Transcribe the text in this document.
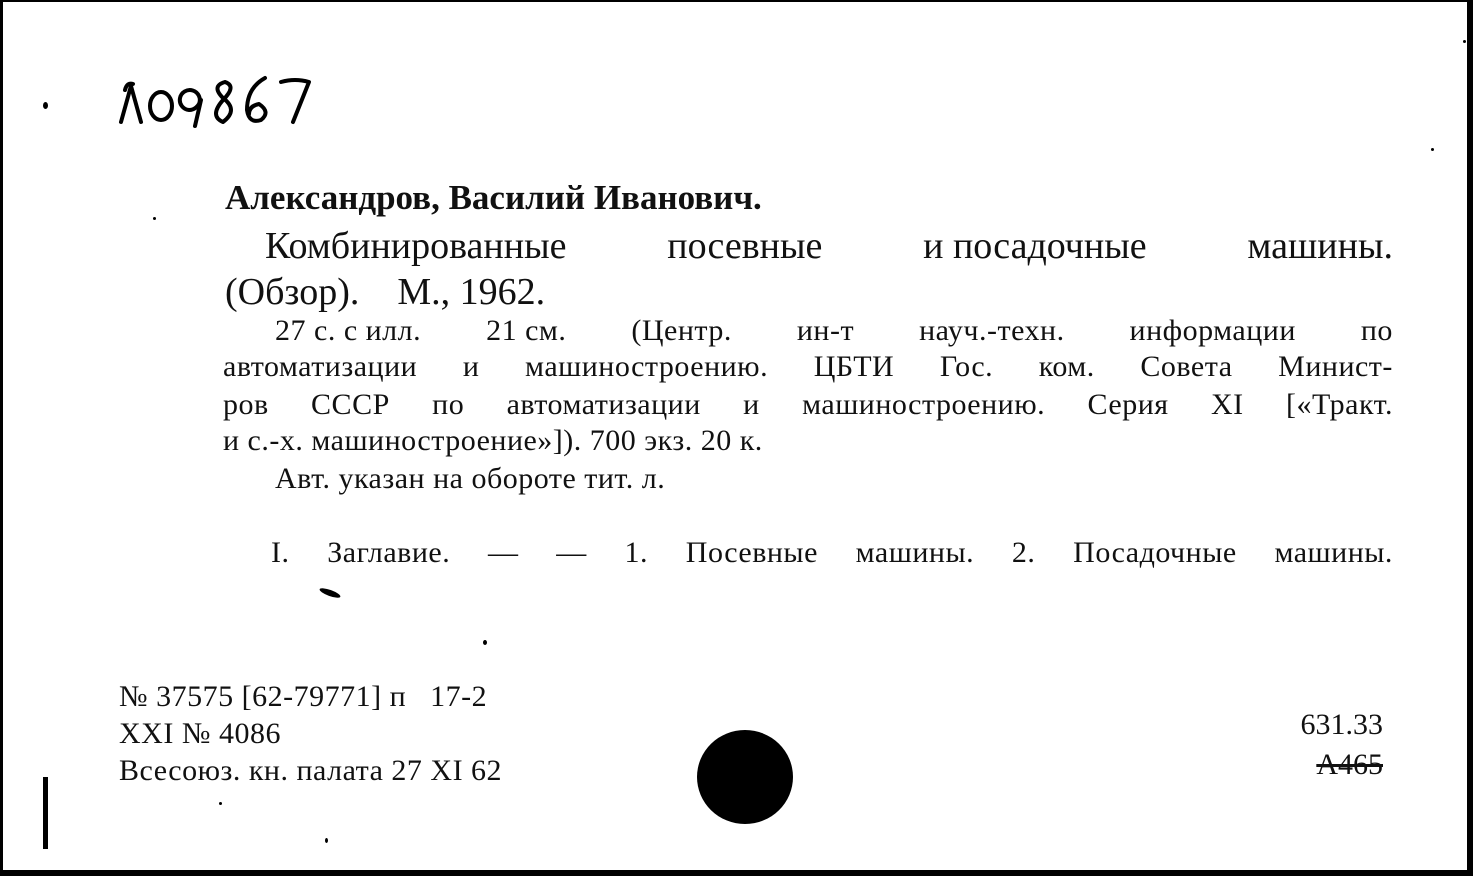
Александров, Василий Иванович.
Комбинированные	посевные	и посадочные	машины.
(Обзор).    М., 1962.
27 с. с илл. 21 см. (Центр. ин-т науч.-техн. информации по
автоматизации и машиностроению. ЦБТИ Гос. ком. Совета Минист-
ров СССР по автоматизации и машиностроению. Серия XI [«Тракт.
и с.-х. машиностроение»]). 700 экз. 20 к.
Авт. указан на обороте тит. л.
I. Заглавие. — — 1. Посевные машины. 2. Посадочные машины.
№ 37575 [62-79771] п   17-2
XXI № 4086
Всесоюз. кн. палата 27 XI 62
631.33
А465
